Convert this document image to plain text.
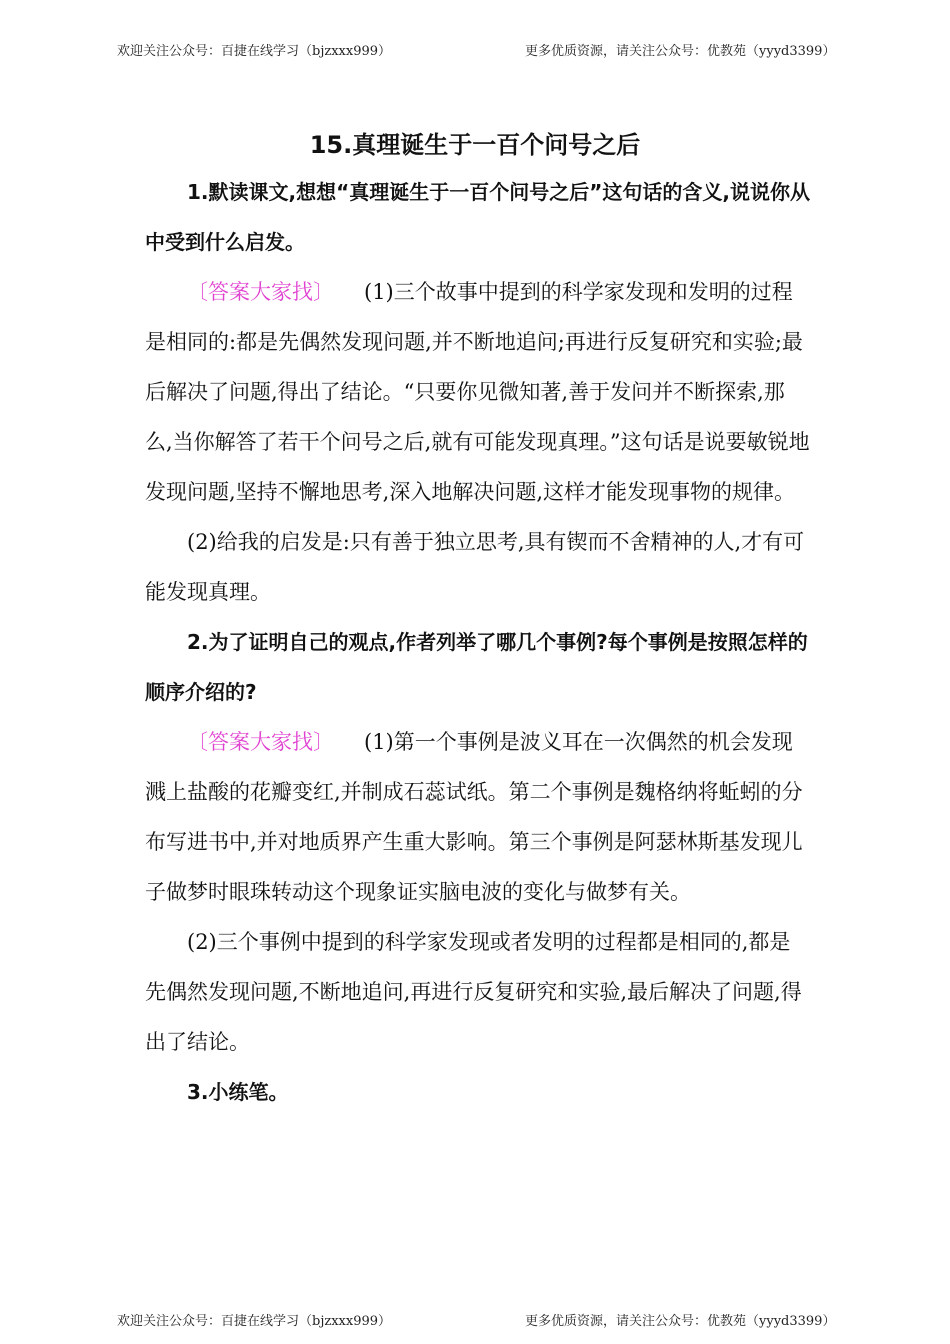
欢迎关注公众号：百捷在线学习（bjzxxx999）	更多优质资源，请关注公众号：优教苑（yyyd3399）
15.真理诞生于一百个问号之后

1.默读课文,想想“真理诞生于一百个问号之后”这句话的含义,说说你从中受到什么启发。

〔答案大家找〕 (1)三个故事中提到的科学家发现和发明的过程是相同的:都是先偶然发现问题,并不断地追问;再进行反复研究和实验;最后解决了问题,得出了结论。“只要你见微知著,善于发问并不断探索,那么,当你解答了若干个问号之后,就有可能发现真理。”这句话是说要敏锐地发现问题,坚持不懈地思考,深入地解决问题,这样才能发现事物的规律。

(2)给我的启发是:只有善于独立思考,具有锲而不舍精神的人,才有可能发现真理。

2.为了证明自己的观点,作者列举了哪几个事例?每个事例是按照怎样的顺序介绍的?

〔答案大家找〕 (1)第一个事例是波义耳在一次偶然的机会发现溅上盐酸的花瓣变红,并制成石蕊试纸。第二个事例是魏格纳将蚯蚓的分布写进书中,并对地质界产生重大影响。第三个事例是阿瑟林斯基发现儿子做梦时眼珠转动这个现象证实脑电波的变化与做梦有关。

(2)三个事例中提到的科学家发现或者发明的过程都是相同的,都是先偶然发现问题,不断地追问,再进行反复研究和实验,最后解决了问题,得出了结论。

3.小练笔。

欢迎关注公众号：百捷在线学习（bjzxxx999）	更多优质资源，请关注公众号：优教苑（yyyd3399）
